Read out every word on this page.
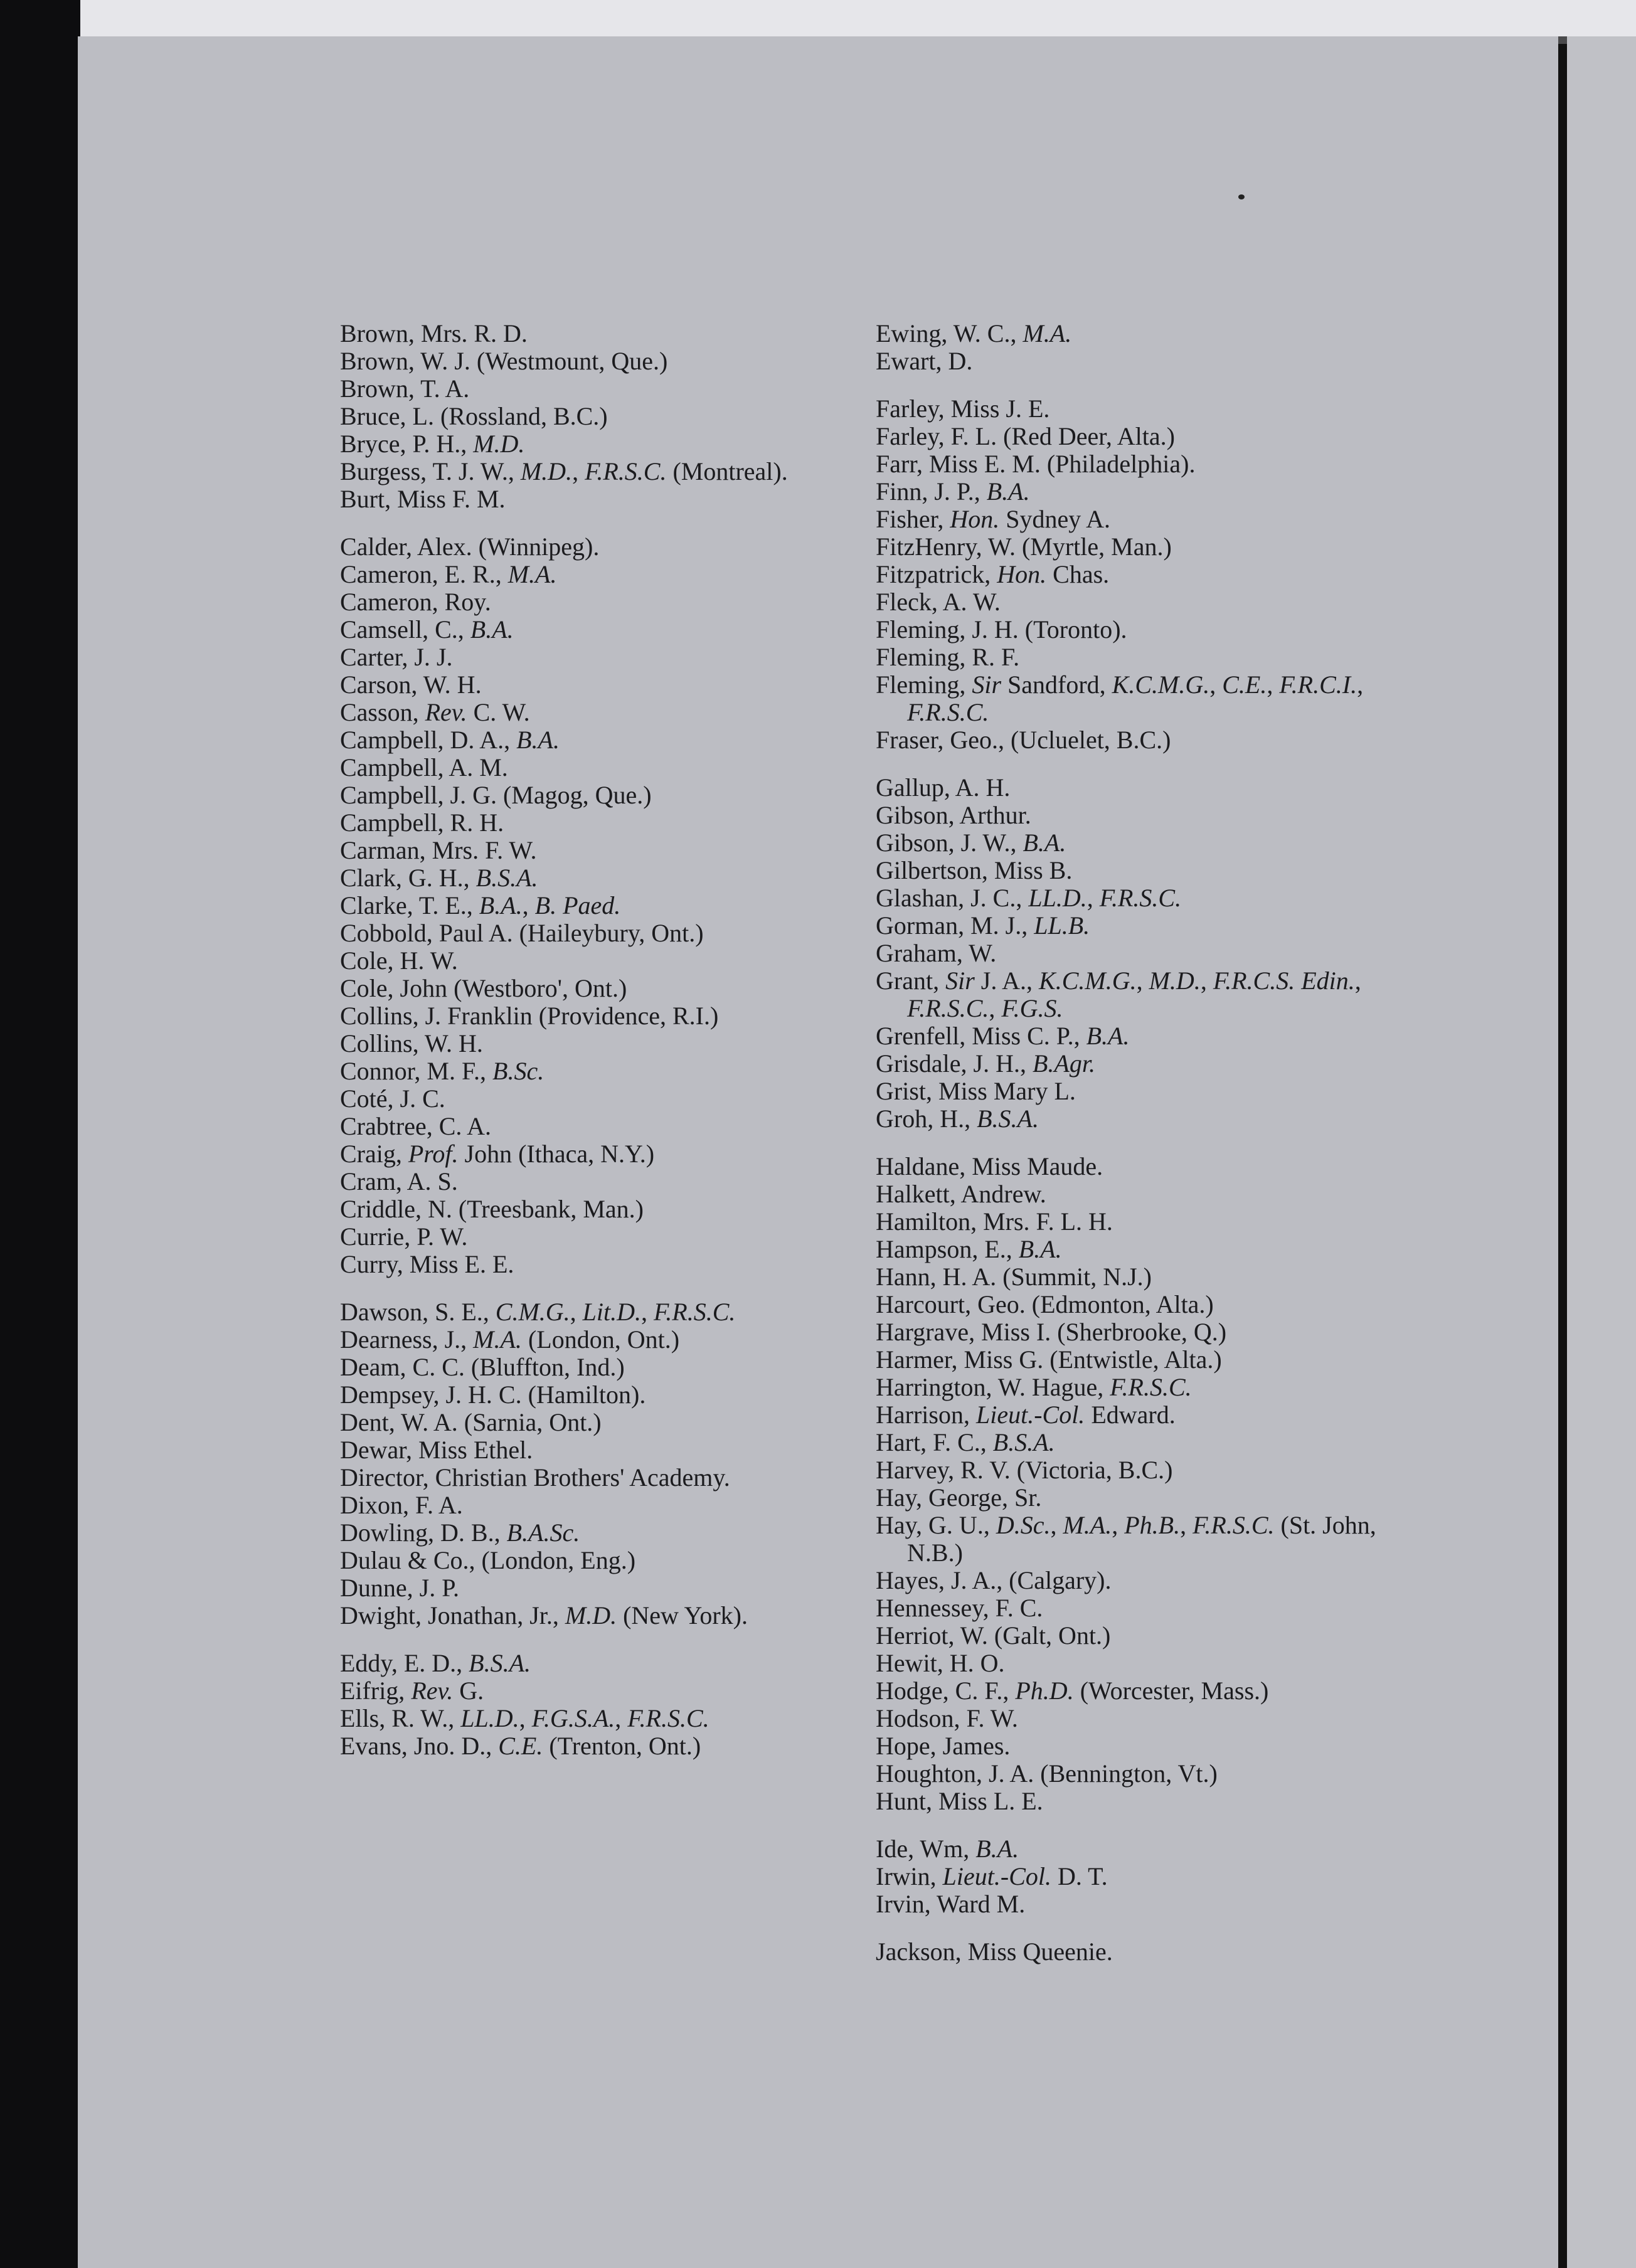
Brown, Mrs. R. D.
Brown, W. J. (Westmount, Que.)
Brown, T. A.
Bruce, L. (Rossland, B.C.)
Bryce, P. H., M.D.
Burgess, T. J. W., M.D., F.R.S.C. (Montreal).
Burt, Miss F. M.
Calder, Alex. (Winnipeg).
Cameron, E. R., M.A.
Cameron, Roy.
Camsell, C., B.A.
Carter, J. J.
Carson, W. H.
Casson, Rev. C. W.
Campbell, D. A., B.A.
Campbell, A. M.
Campbell, J. G. (Magog, Que.)
Campbell, R. H.
Carman, Mrs. F. W.
Clark, G. H., B.S.A.
Clarke, T. E., B.A., B. Paed.
Cobbold, Paul A. (Haileybury, Ont.)
Cole, H. W.
Cole, John (Westboro', Ont.)
Collins, J. Franklin (Providence, R.I.)
Collins, W. H.
Connor, M. F., B.Sc.
Coté, J. C.
Crabtree, C. A.
Craig, Prof. John (Ithaca, N.Y.)
Cram, A. S.
Criddle, N. (Treesbank, Man.)
Currie, P. W.
Curry, Miss E. E.
Dawson, S. E., C.M.G., Lit.D., F.R.S.C.
Dearness, J., M.A. (London, Ont.)
Deam, C. C. (Bluffton, Ind.)
Dempsey, J. H. C. (Hamilton).
Dent, W. A. (Sarnia, Ont.)
Dewar, Miss Ethel.
Director, Christian Brothers' Academy.
Dixon, F. A.
Dowling, D. B., B.A.Sc.
Dulau & Co., (London, Eng.)
Dunne, J. P.
Dwight, Jonathan, Jr., M.D. (New York).
Eddy, E. D., B.S.A.
Eifrig, Rev. G.
Ells, R. W., LL.D., F.G.S.A., F.R.S.C.
Evans, Jno. D., C.E. (Trenton, Ont.)
Ewing, W. C., M.A.
Ewart, D.
Farley, Miss J. E.
Farley, F. L. (Red Deer, Alta.)
Farr, Miss E. M. (Philadelphia).
Finn, J. P., B.A.
Fisher, Hon. Sydney A.
FitzHenry, W. (Myrtle, Man.)
Fitzpatrick, Hon. Chas.
Fleck, A. W.
Fleming, J. H. (Toronto).
Fleming, R. F.
Fleming, Sir Sandford, K.C.M.G., C.E., F.R.C.I., F.R.S.C.
Fraser, Geo., (Ucluelet, B.C.)
Gallup, A. H.
Gibson, Arthur.
Gibson, J. W., B.A.
Gilbertson, Miss B.
Glashan, J. C., LL.D., F.R.S.C.
Gorman, M. J., LL.B.
Graham, W.
Grant, Sir J. A., K.C.M.G., M.D., F.R.C.S. Edin., F.R.S.C., F.G.S.
Grenfell, Miss C. P., B.A.
Grisdale, J. H., B.Agr.
Grist, Miss Mary L.
Groh, H., B.S.A.
Haldane, Miss Maude.
Halkett, Andrew.
Hamilton, Mrs. F. L. H.
Hampson, E., B.A.
Hann, H. A. (Summit, N.J.)
Harcourt, Geo. (Edmonton, Alta.)
Hargrave, Miss I. (Sherbrooke, Q.)
Harmer, Miss G. (Entwistle, Alta.)
Harrington, W. Hague, F.R.S.C.
Harrison, Lieut.-Col. Edward.
Hart, F. C., B.S.A.
Harvey, R. V. (Victoria, B.C.)
Hay, George, Sr.
Hay, G. U., D.Sc., M.A., Ph.B., F.R.S.C. (St. John, N.B.)
Hayes, J. A., (Calgary).
Hennessey, F. C.
Herriot, W. (Galt, Ont.)
Hewit, H. O.
Hodge, C. F., Ph.D. (Worcester, Mass.)
Hodson, F. W.
Hope, James.
Houghton, J. A. (Bennington, Vt.)
Hunt, Miss L. E.
Ide, Wm, B.A.
Irwin, Lieut.-Col. D. T.
Irvin, Ward M.
Jackson, Miss Queenie.
